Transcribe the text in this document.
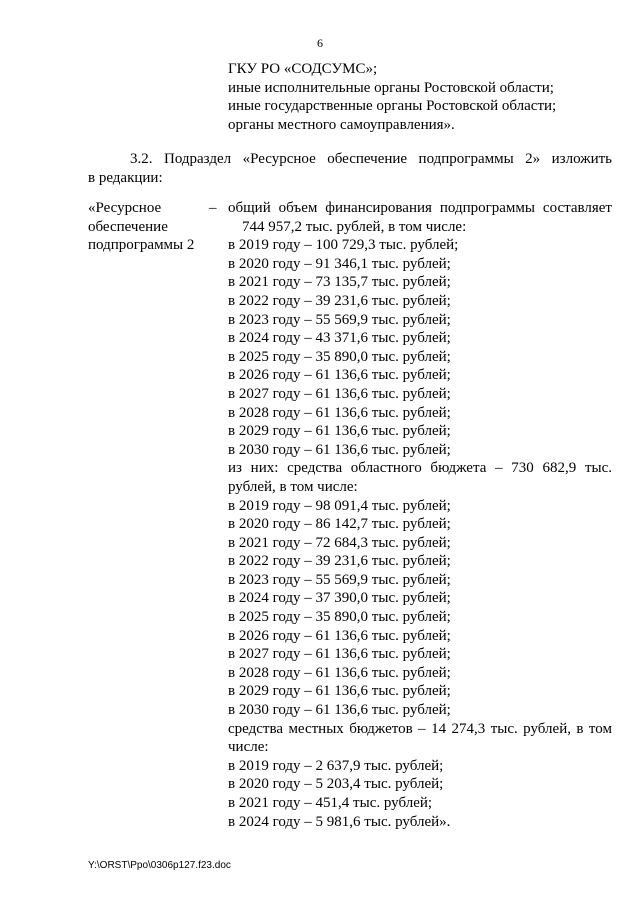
6
ГКУ РО «СОДСУМС»;
иные исполнительные органы Ростовской области;
иные государственные органы Ростовской области;
органы местного самоуправления».
3.2. Подраздел «Ресурсное обеспечение подпрограммы 2» изложить
в редакции:
«Ресурсное
обеспечение
подпрограммы 2
– общий объем финансирования подпрограммы составляет
744 957,2 тыс. рублей, в том числе:
в 2019 году – 100 729,3 тыс. рублей;
в 2020 году – 91 346,1 тыс. рублей;
в 2021 году – 73 135,7 тыс. рублей;
в 2022 году – 39 231,6 тыс. рублей;
в 2023 году – 55 569,9 тыс. рублей;
в 2024 году – 43 371,6 тыс. рублей;
в 2025 году – 35 890,0 тыс. рублей;
в 2026 году – 61 136,6 тыс. рублей;
в 2027 году – 61 136,6 тыс. рублей;
в 2028 году – 61 136,6 тыс. рублей;
в 2029 году – 61 136,6 тыс. рублей;
в 2030 году – 61 136,6 тыс. рублей;
из них: средства областного бюджета – 730 682,9 тыс.
рублей, в том числе:
в 2019 году – 98 091,4 тыс. рублей;
в 2020 году – 86 142,7 тыс. рублей;
в 2021 году – 72 684,3 тыс. рублей;
в 2022 году – 39 231,6 тыс. рублей;
в 2023 году – 55 569,9 тыс. рублей;
в 2024 году – 37 390,0 тыс. рублей;
в 2025 году – 35 890,0 тыс. рублей;
в 2026 году – 61 136,6 тыс. рублей;
в 2027 году – 61 136,6 тыс. рублей;
в 2028 году – 61 136,6 тыс. рублей;
в 2029 году – 61 136,6 тыс. рублей;
в 2030 году – 61 136,6 тыс. рублей;
средства местных бюджетов – 14 274,3 тыс. рублей, в том
числе:
в 2019 году – 2 637,9 тыс. рублей;
в 2020 году – 5 203,4 тыс. рублей;
в 2021 году – 451,4 тыс. рублей;
в 2024 году – 5 981,6 тыс. рублей».
Y:\ORST\Ppo\0306p127.f23.doc
